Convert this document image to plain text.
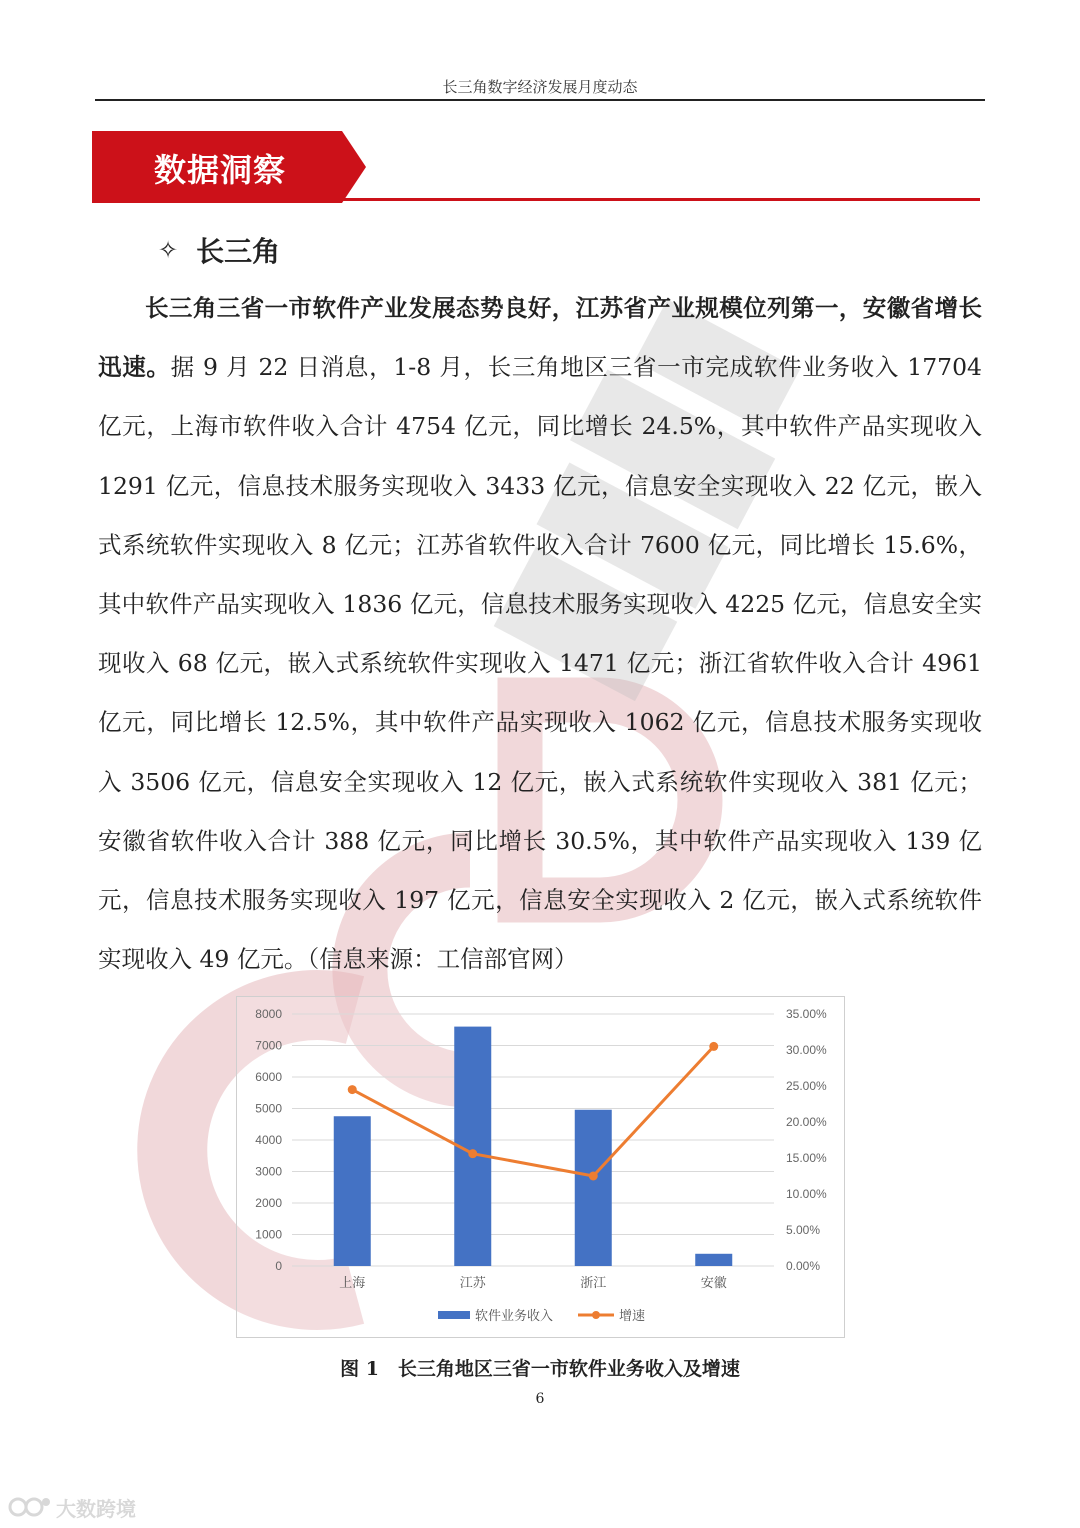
长三角数字经济发展月度动态
数据洞察
✧ 长三角
长三角三省一市软件产业发展态势良好，江苏省产业规模位列第一，安徽省增长迅速。据 9 月 22 日消息，1-8 月，长三角地区三省一市完成软件业务收入 17704 亿元，上海市软件收入合计 4754 亿元，同比增长 24.5%，其中软件产品实现收入 1291 亿元，信息技术服务实现收入 3433 亿元，信息安全实现收入 22 亿元，嵌入式系统软件实现收入 8 亿元；江苏省软件收入合计 7600 亿元，同比增长 15.6%，其中软件产品实现收入 1836 亿元，信息技术服务实现收入 4225 亿元，信息安全实现收入 68 亿元，嵌入式系统软件实现收入 1471 亿元；浙江省软件收入合计 4961 亿元，同比增长 12.5%，其中软件产品实现收入 1062 亿元，信息技术服务实现收入 3506 亿元，信息安全实现收入 12 亿元，嵌入式系统软件实现收入 381 亿元；安徽省软件收入合计 388 亿元，同比增长 30.5%，其中软件产品实现收入 139 亿元，信息技术服务实现收入 197 亿元，信息安全实现收入 2 亿元，嵌入式系统软件实现收入 49 亿元。（信息来源：工信部官网）
0
1000
2000
3000
4000
5000
6000
7000
8000
0.00%
5.00%
10.00%
15.00%
20.00%
25.00%
30.00%
35.00%
上海	江苏	浙江	安徽
软件业务收入	增速
图 1　长三角地区三省一市软件业务收入及增速
6
大数跨境
